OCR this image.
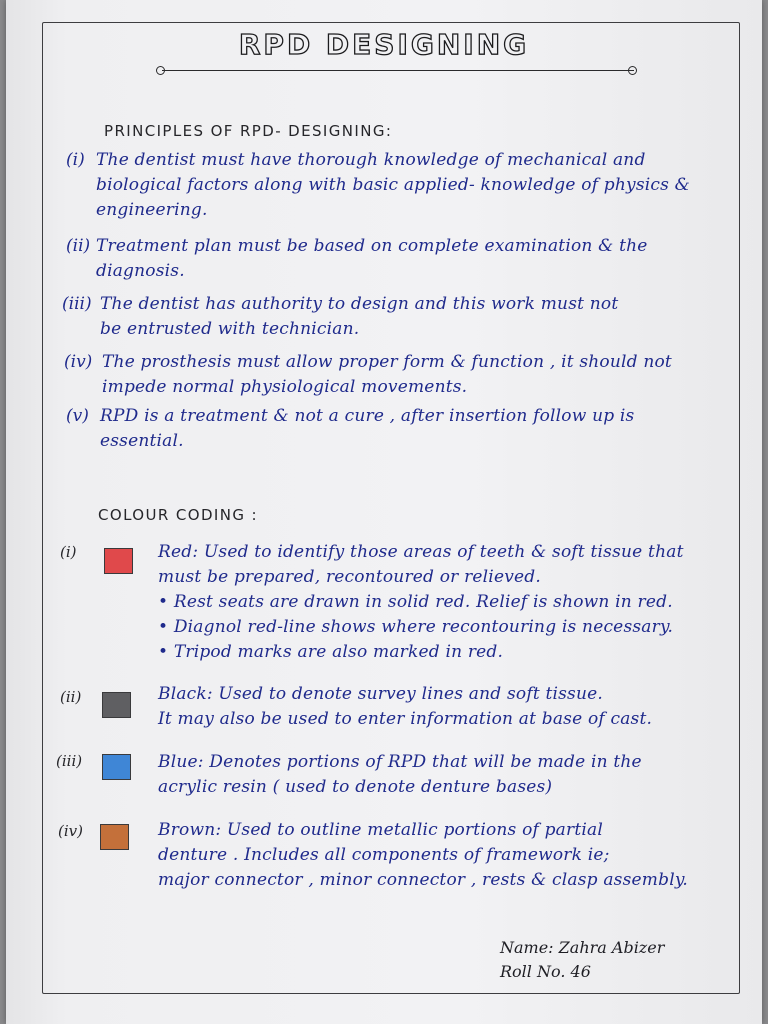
RPD DESIGNING
PRINCIPLES OF RPD- DESIGNING:
(i) The dentist must have thorough knowledge of mechanical and
biological factors along with basic applied- knowledge of physics &
engineering.
(ii) Treatment plan must be based on complete examination & the
diagnosis.
(iii) The dentist has authority to design and this work must not
be entrusted with technician.
(iv) The prosthesis must allow proper form & function , it should not
impede normal physiological movements.
(v) RPD is a treatment & not a cure , after insertion follow up is
essential.
COLOUR CODING :
(i)	Red: Used to identify those areas of teeth & soft tissue that
must be prepared, recontoured or relieved.
• Rest seats are drawn in solid red. Relief is shown in red.
• Diagnol red-line shows where recontouring is necessary.
• Tripod marks are also marked in red.
(ii)	Black: Used to denote survey lines and soft tissue.
It may also be used to enter information at base of cast.
(iii)	Blue: Denotes portions of RPD that will be made in the
acrylic resin ( used to denote denture bases)
(iv)	Brown: Used to outline metallic portions of partial
denture . Includes all components of framework ie;
major connector , minor connector , rests & clasp assembly.
Name: Zahra Abizer
Roll No. 46
